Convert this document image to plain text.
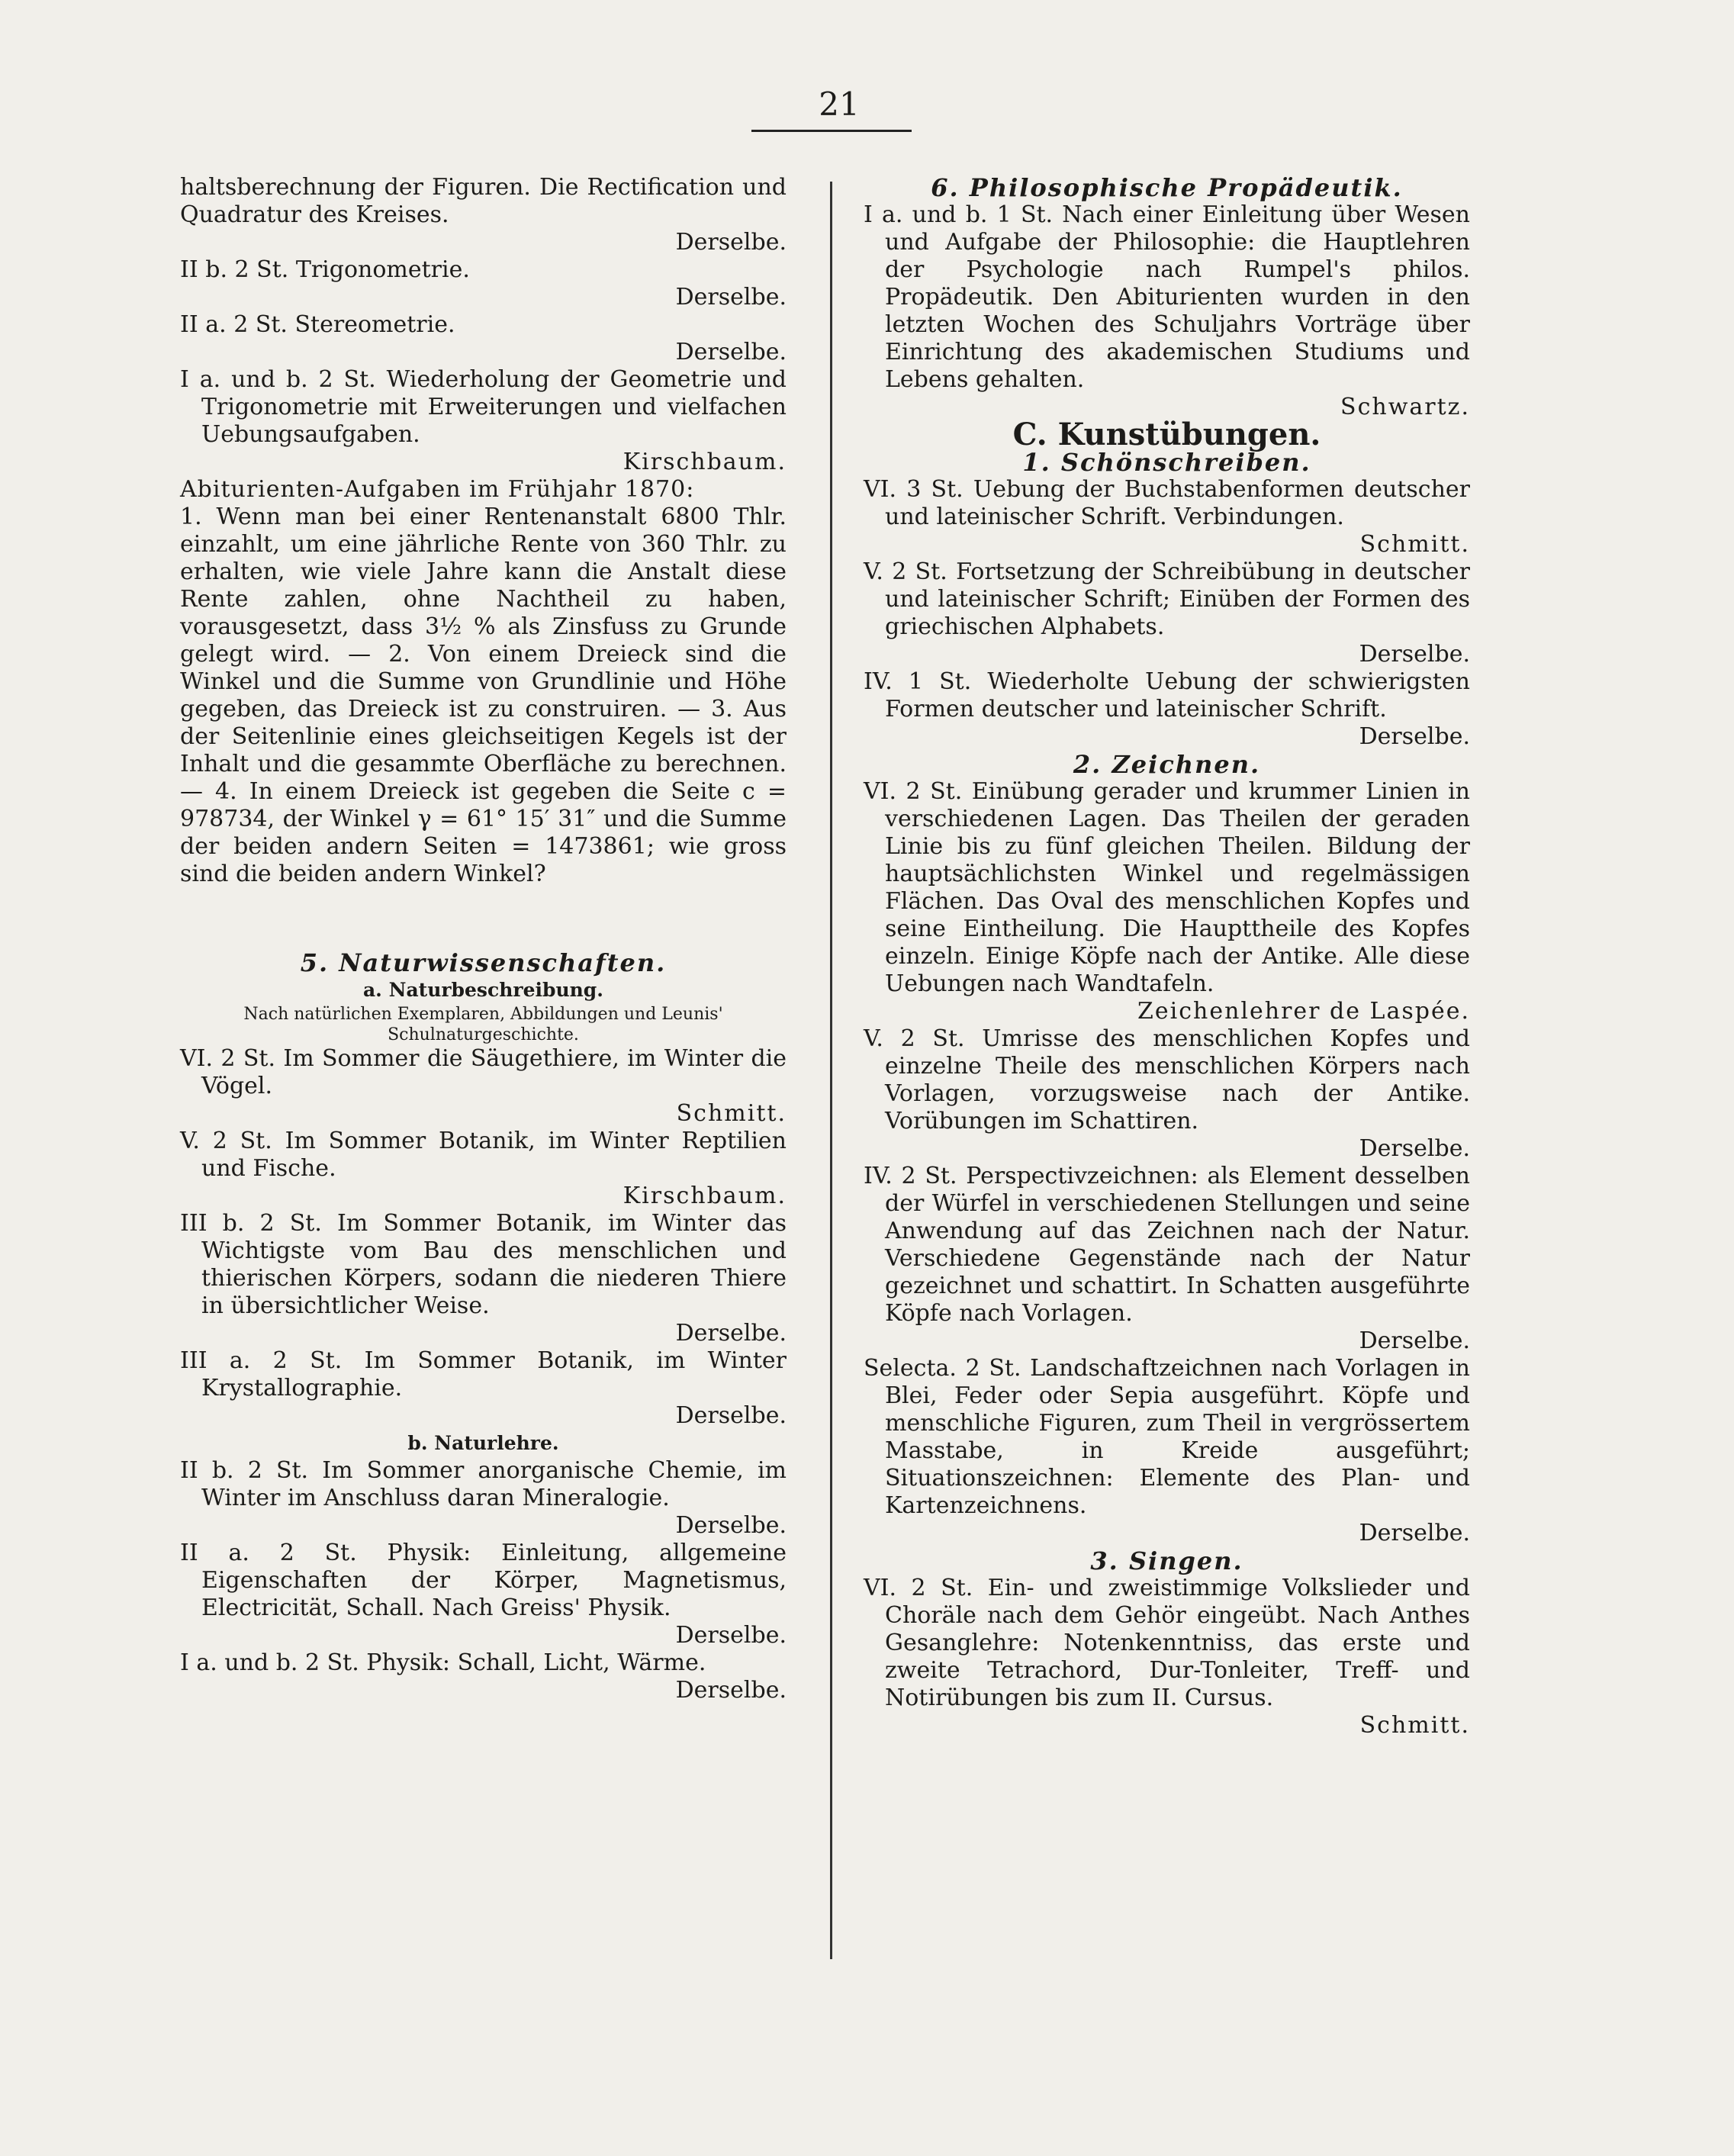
21

haltsberechnung der Figuren. Die Rectification und Quadratur des Kreises.

Derselbe.

II b. 2 St. Trigonometrie.

Derselbe.

II a. 2 St. Stereometrie.

Derselbe.

I a. und b. 2 St. Wiederholung der Geometrie und Trigonometrie mit Erweiterungen und vielfachen Uebungsaufgaben.

Kirschbaum.

Abiturienten-Aufgaben im Frühjahr 1870:

1. Wenn man bei einer Rentenanstalt 6800 Thlr. einzahlt, um eine jährliche Rente von 360 Thlr. zu erhalten, wie viele Jahre kann die Anstalt diese Rente zahlen, ohne Nachtheil zu haben, vorausgesetzt, dass 3½ % als Zinsfuss zu Grunde gelegt wird. — 2. Von einem Dreieck sind die Winkel und die Summe von Grundlinie und Höhe gegeben, das Dreieck ist zu construiren. — 3. Aus der Seitenlinie eines gleichseitigen Kegels ist der Inhalt und die gesammte Oberfläche zu berechnen. — 4. In einem Dreieck ist gegeben die Seite c = 978734, der Winkel γ = 61° 15′ 31″ und die Summe der beiden andern Seiten = 1473861; wie gross sind die beiden andern Winkel?

5. Naturwissenschaften.

a. Naturbeschreibung.

Nach natürlichen Exemplaren, Abbildungen und Leunis' Schulnaturgeschichte.

VI. 2 St. Im Sommer die Säugethiere, im Winter die Vögel.

Schmitt.

V. 2 St. Im Sommer Botanik, im Winter Reptilien und Fische.

Kirschbaum.

III b. 2 St. Im Sommer Botanik, im Winter das Wichtigste vom Bau des menschlichen und thierischen Körpers, sodann die niederen Thiere in übersichtlicher Weise.

Derselbe.

III a. 2 St. Im Sommer Botanik, im Winter Krystallographie.

Derselbe.

b. Naturlehre.

II b. 2 St. Im Sommer anorganische Chemie, im Winter im Anschluss daran Mineralogie.

Derselbe.

II a. 2 St. Physik: Einleitung, allgemeine Eigenschaften der Körper, Magnetismus, Electricität, Schall. Nach Greiss' Physik.

Derselbe.

I a. und b. 2 St. Physik: Schall, Licht, Wärme.

Derselbe.

6. Philosophische Propädeutik.

I a. und b. 1 St. Nach einer Einleitung über Wesen und Aufgabe der Philosophie: die Hauptlehren der Psychologie nach Rumpel's philos. Propädeutik. Den Abiturienten wurden in den letzten Wochen des Schuljahrs Vorträge über Einrichtung des akademischen Studiums und Lebens gehalten.

Schwartz.

C. Kunstübungen.

1. Schönschreiben.

VI. 3 St. Uebung der Buchstabenformen deutscher und lateinischer Schrift. Verbindungen.

Schmitt.

V. 2 St. Fortsetzung der Schreibübung in deutscher und lateinischer Schrift; Einüben der Formen des griechischen Alphabets.

Derselbe.

IV. 1 St. Wiederholte Uebung der schwierigsten Formen deutscher und lateinischer Schrift.

Derselbe.

2. Zeichnen.

VI. 2 St. Einübung gerader und krummer Linien in verschiedenen Lagen. Das Theilen der geraden Linie bis zu fünf gleichen Theilen. Bildung der hauptsächlichsten Winkel und regelmässigen Flächen. Das Oval des menschlichen Kopfes und seine Eintheilung. Die Haupttheile des Kopfes einzeln. Einige Köpfe nach der Antike. Alle diese Uebungen nach Wandtafeln.

Zeichenlehrer de Laspée.

V. 2 St. Umrisse des menschlichen Kopfes und einzelne Theile des menschlichen Körpers nach Vorlagen, vorzugsweise nach der Antike. Vorübungen im Schattiren.

Derselbe.

IV. 2 St. Perspectivzeichnen: als Element desselben der Würfel in verschiedenen Stellungen und seine Anwendung auf das Zeichnen nach der Natur. Verschiedene Gegenstände nach der Natur gezeichnet und schattirt. In Schatten ausgeführte Köpfe nach Vorlagen.

Derselbe.

Selecta. 2 St. Landschaftzeichnen nach Vorlagen in Blei, Feder oder Sepia ausgeführt. Köpfe und menschliche Figuren, zum Theil in vergrössertem Masstabe, in Kreide ausgeführt; Situationszeichnen: Elemente des Plan- und Kartenzeichnens.

Derselbe.

3. Singen.

VI. 2 St. Ein- und zweistimmige Volkslieder und Choräle nach dem Gehör eingeübt. Nach Anthes Gesanglehre: Notenkenntniss, das erste und zweite Tetrachord, Dur-Tonleiter, Treff- und Notirübungen bis zum II. Cursus.

Schmitt.
